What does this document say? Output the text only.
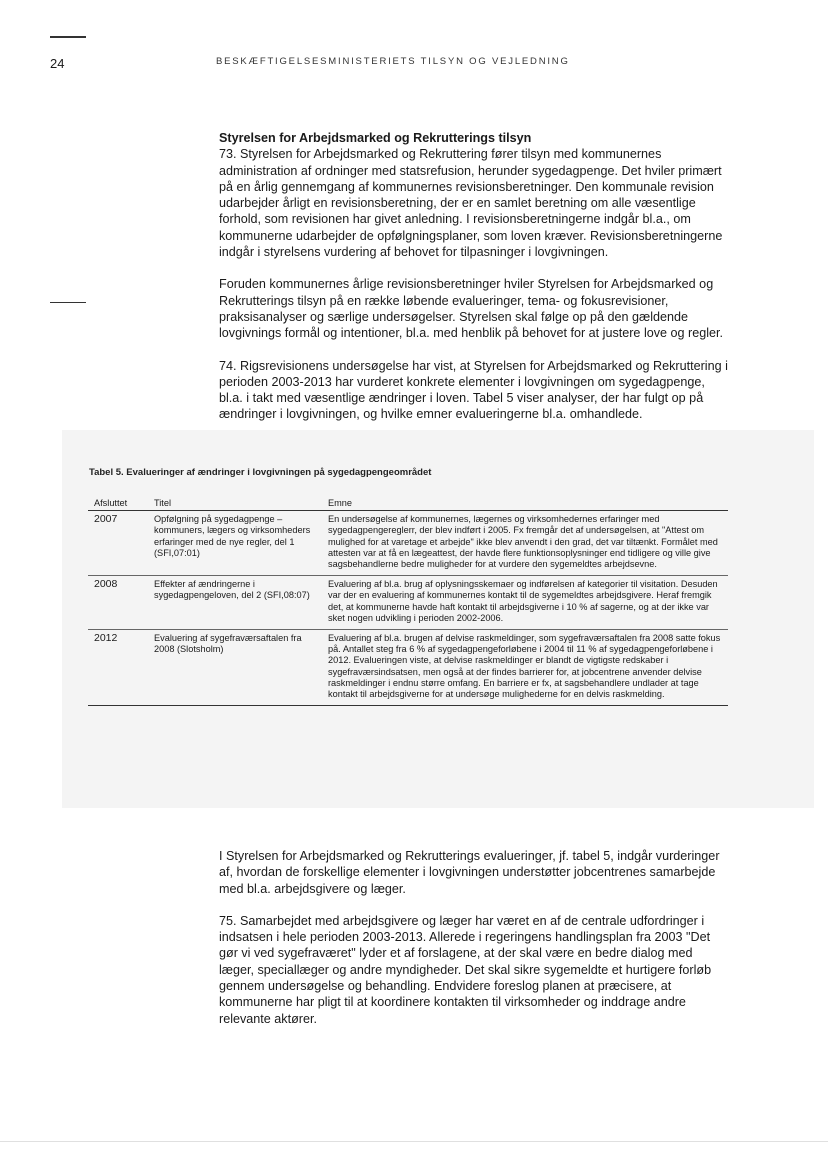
24	BESKÆFTIGELSESMINISTERIETS TILSYN OG VEJLEDNING
Styrelsen for Arbejdsmarked og Rekrutterings tilsyn

73. Styrelsen for Arbejdsmarked og Rekruttering fører tilsyn med kommunernes administration af ordninger med statsrefusion, herunder sygedagpenge. Det hviler primært på en årlig gennemgang af kommunernes revisionsberetninger. Den kommunale revision udarbejder årligt en revisionsberetning, der er en samlet beretning om alle væsentlige forhold, som revisionen har givet anledning. I revisionsberetningerne indgår bl.a., om kommunerne udarbejder de opfølgningsplaner, som loven kræver. Revisionsberetningerne indgår i styrelsens vurdering af behovet for tilpasninger i lovgivningen.

Foruden kommunernes årlige revisionsberetninger hviler Styrelsen for Arbejdsmarked og Rekrutterings tilsyn på en række løbende evalueringer, tema- og fokusrevisioner, praksisanalyser og særlige undersøgelser. Styrelsen skal følge op på den gældende lovgivnings formål og intentioner, bl.a. med henblik på behovet for at justere love og regler.

74. Rigsrevisionens undersøgelse har vist, at Styrelsen for Arbejdsmarked og Rekruttering i perioden 2003-2013 har vurderet konkrete elementer i lovgivningen om sygedagpenge, bl.a. i takt med væsentlige ændringer i loven. Tabel 5 viser analyser, der har fulgt op på ændringer i lovgivningen, og hvilke emner evalueringerne bl.a. omhandlede.

Tabel 5. Evalueringer af ændringer i lovgivningen på sygedagpengeområdet
Afsluttet	Titel	Emne
2007	Opfølgning på sygedagpenge – kommuners, lægers og virksomheders erfaringer med de nye regler, del 1 (SFI,07:01)	En undersøgelse af kommunernes, lægernes og virksomhedernes erfaringer med sygedagpengereglerr, der blev indført i 2005. Fx fremgår det af undersøgelsen, at "Attest om mulighed for at varetage et arbejde" ikke blev anvendt i den grad, det var tiltænkt. Formålet med attesten var at få en lægeattest, der havde flere funktionsoplysninger end tidligere og ville give sagsbehandlerne bedre muligheder for at vurdere den sygemeldtes arbejdsevne.
2008	Effekter af ændringerne i sygedagpengeloven, del 2 (SFI,08:07)	Evaluering af bl.a. brug af oplysningsskemaer og indførelsen af kategorier til visitation. Desuden var der en evaluering af kommunernes kontakt til de sygemeldtes arbejdsgivere. Heraf fremgik det, at kommunerne havde haft kontakt til arbejdsgiverne i 10 % af sagerne, og at der ikke var sket nogen udvikling i perioden 2002-2006.
2012	Evaluering af sygefraværsaftalen fra 2008 (Slotsholm)	Evaluering af bl.a. brugen af delvise raskmeldinger, som sygefraværsaftalen fra 2008 satte fokus på. Antallet steg fra 6 % af sygedagpengeforløbene i 2004 til 11 % af sygedagpengeforløbene i 2012. Evalueringen viste, at delvise raskmeldinger er blandt de vigtigste redskaber i sygefraværsindsatsen, men også at der findes barrierer for, at jobcentrene anvender delvise raskmeldinger i endnu større omfang. En barriere er fx, at sagsbehandlere undlader at tage kontakt til arbejdsgiverne for at undersøge mulighederne for en delvis raskmelding.

I Styrelsen for Arbejdsmarked og Rekrutterings evalueringer, jf. tabel 5, indgår vurderinger af, hvordan de forskellige elementer i lovgivningen understøtter jobcentrenes samarbejde med bl.a. arbejdsgivere og læger.

75. Samarbejdet med arbejdsgivere og læger har været en af de centrale udfordringer i indsatsen i hele perioden 2003-2013. Allerede i regeringens handlingsplan fra 2003 "Det gør vi ved sygefraværet" lyder et af forslagene, at der skal være en bedre dialog med læger, speciallæger og andre myndigheder. Det skal sikre sygemeldte et hurtigere forløb gennem undersøgelse og behandling. Endvidere foreslog planen at præcisere, at kommunerne har pligt til at koordinere kontakten til virksomheder og inddrage andre relevante aktører.
